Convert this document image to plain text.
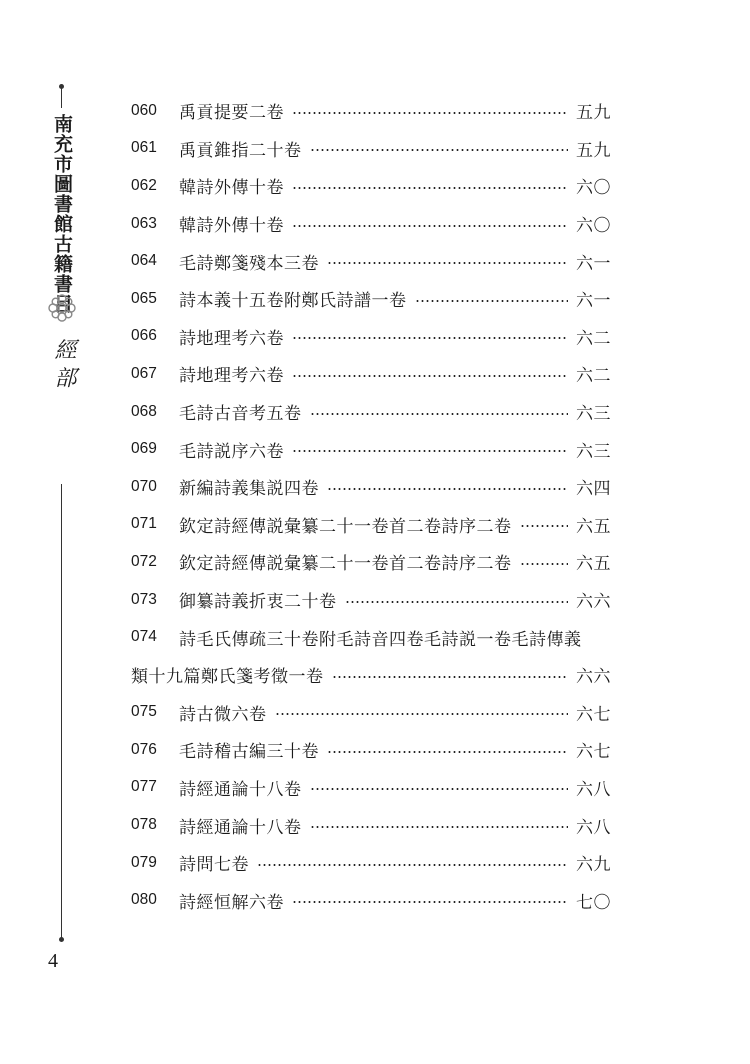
南充市圖書館古籍書目
經部
4
060	禹貢提要二卷	五九
061	禹貢錐指二十卷	五九
062	韓詩外傳十卷	六〇
063	韓詩外傳十卷	六〇
064	毛詩鄭箋殘本三卷	六一
065	詩本義十五卷附鄭氏詩譜一卷	六一
066	詩地理考六卷	六二
067	詩地理考六卷	六二
068	毛詩古音考五卷	六三
069	毛詩説序六卷	六三
070	新編詩義集説四卷	六四
071	欽定詩經傳説彙纂二十一卷首二卷詩序二卷	六五
072	欽定詩經傳説彙纂二十一卷首二卷詩序二卷	六五
073	御纂詩義折衷二十卷	六六
074	詩毛氏傳疏三十卷附毛詩音四卷毛詩説一卷毛詩傳義
類十九篇鄭氏箋考徵一卷	六六
075	詩古微六卷	六七
076	毛詩稽古編三十卷	六七
077	詩經通論十八卷	六八
078	詩經通論十八卷	六八
079	詩問七卷	六九
080	詩經恒解六卷	七〇
